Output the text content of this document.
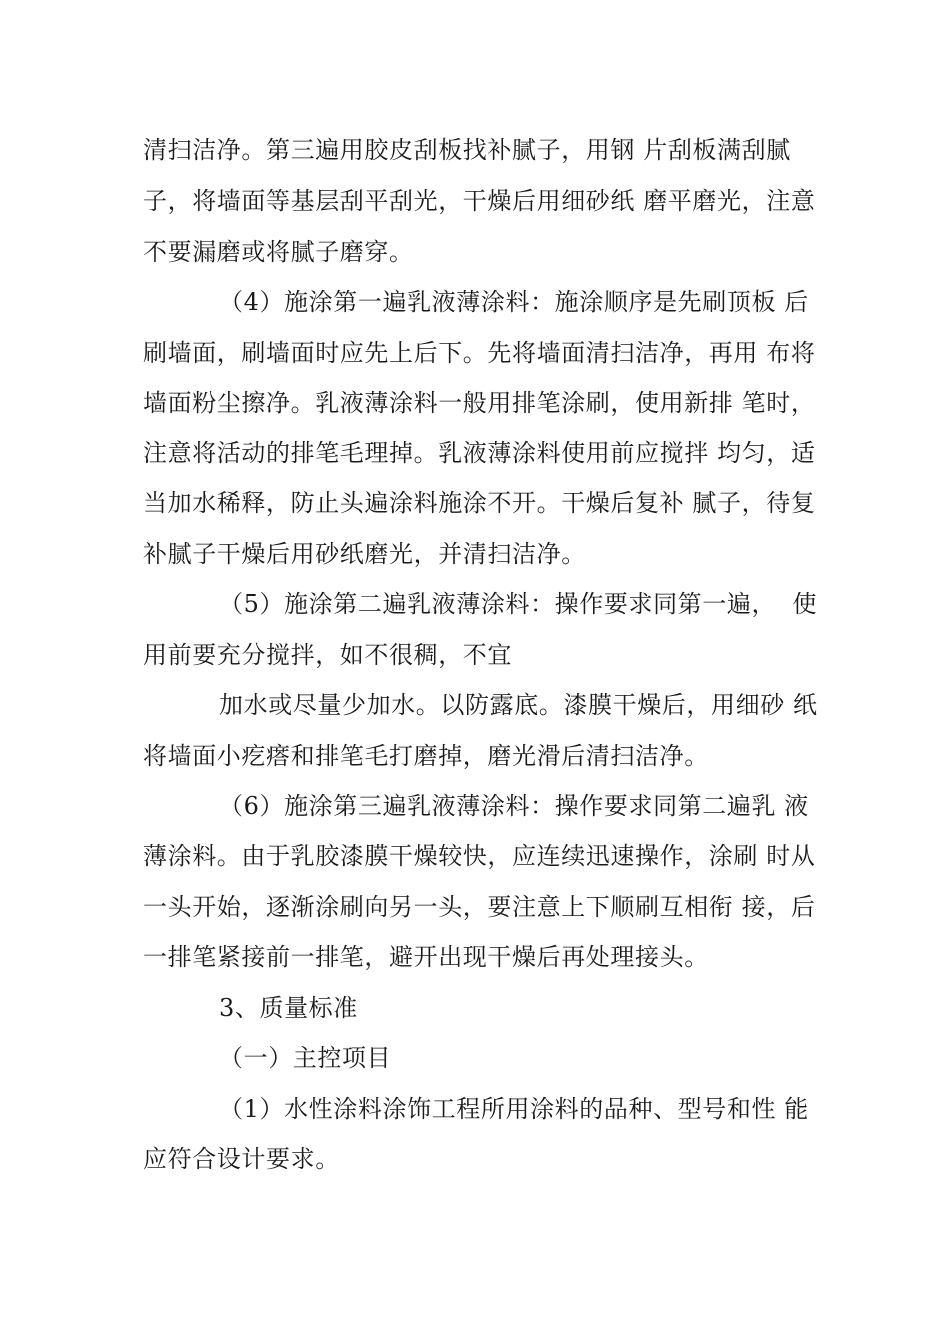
清扫洁净。第三遍用胶皮刮板找补腻子，用钢 片刮板满刮腻
子，将墙面等基层刮平刮光，干燥后用细砂纸 磨平磨光，注意
不要漏磨或将腻子磨穿。
（4）施涂第一遍乳液薄涂料：施涂顺序是先刷顶板 后
刷墙面，刷墙面时应先上后下。先将墙面清扫洁净，再用 布将
墙面粉尘擦净。乳液薄涂料一般用排笔涂刷，使用新排 笔时，
注意将活动的排笔毛理掉。乳液薄涂料使用前应搅拌 均匀，适
当加水稀释，防止头遍涂料施涂不开。干燥后复补 腻子，待复
补腻子干燥后用砂纸磨光，并清扫洁净。
（5）施涂第二遍乳液薄涂料：操作要求同第一遍，  使
用前要充分搅拌，如不很稠，不宜
加水或尽量少加水。以防露底。漆膜干燥后，用细砂 纸
将墙面小疙瘩和排笔毛打磨掉，磨光滑后清扫洁净。
（6）施涂第三遍乳液薄涂料：操作要求同第二遍乳 液
薄涂料。由于乳胶漆膜干燥较快，应连续迅速操作，涂刷 时从
一头开始，逐渐涂刷向另一头，要注意上下顺刷互相衔 接，后
一排笔紧接前一排笔，避开出现干燥后再处理接头。
3、质量标准
（一）主控项目
（1）水性涂料涂饰工程所用涂料的品种、型号和性 能
应符合设计要求。
